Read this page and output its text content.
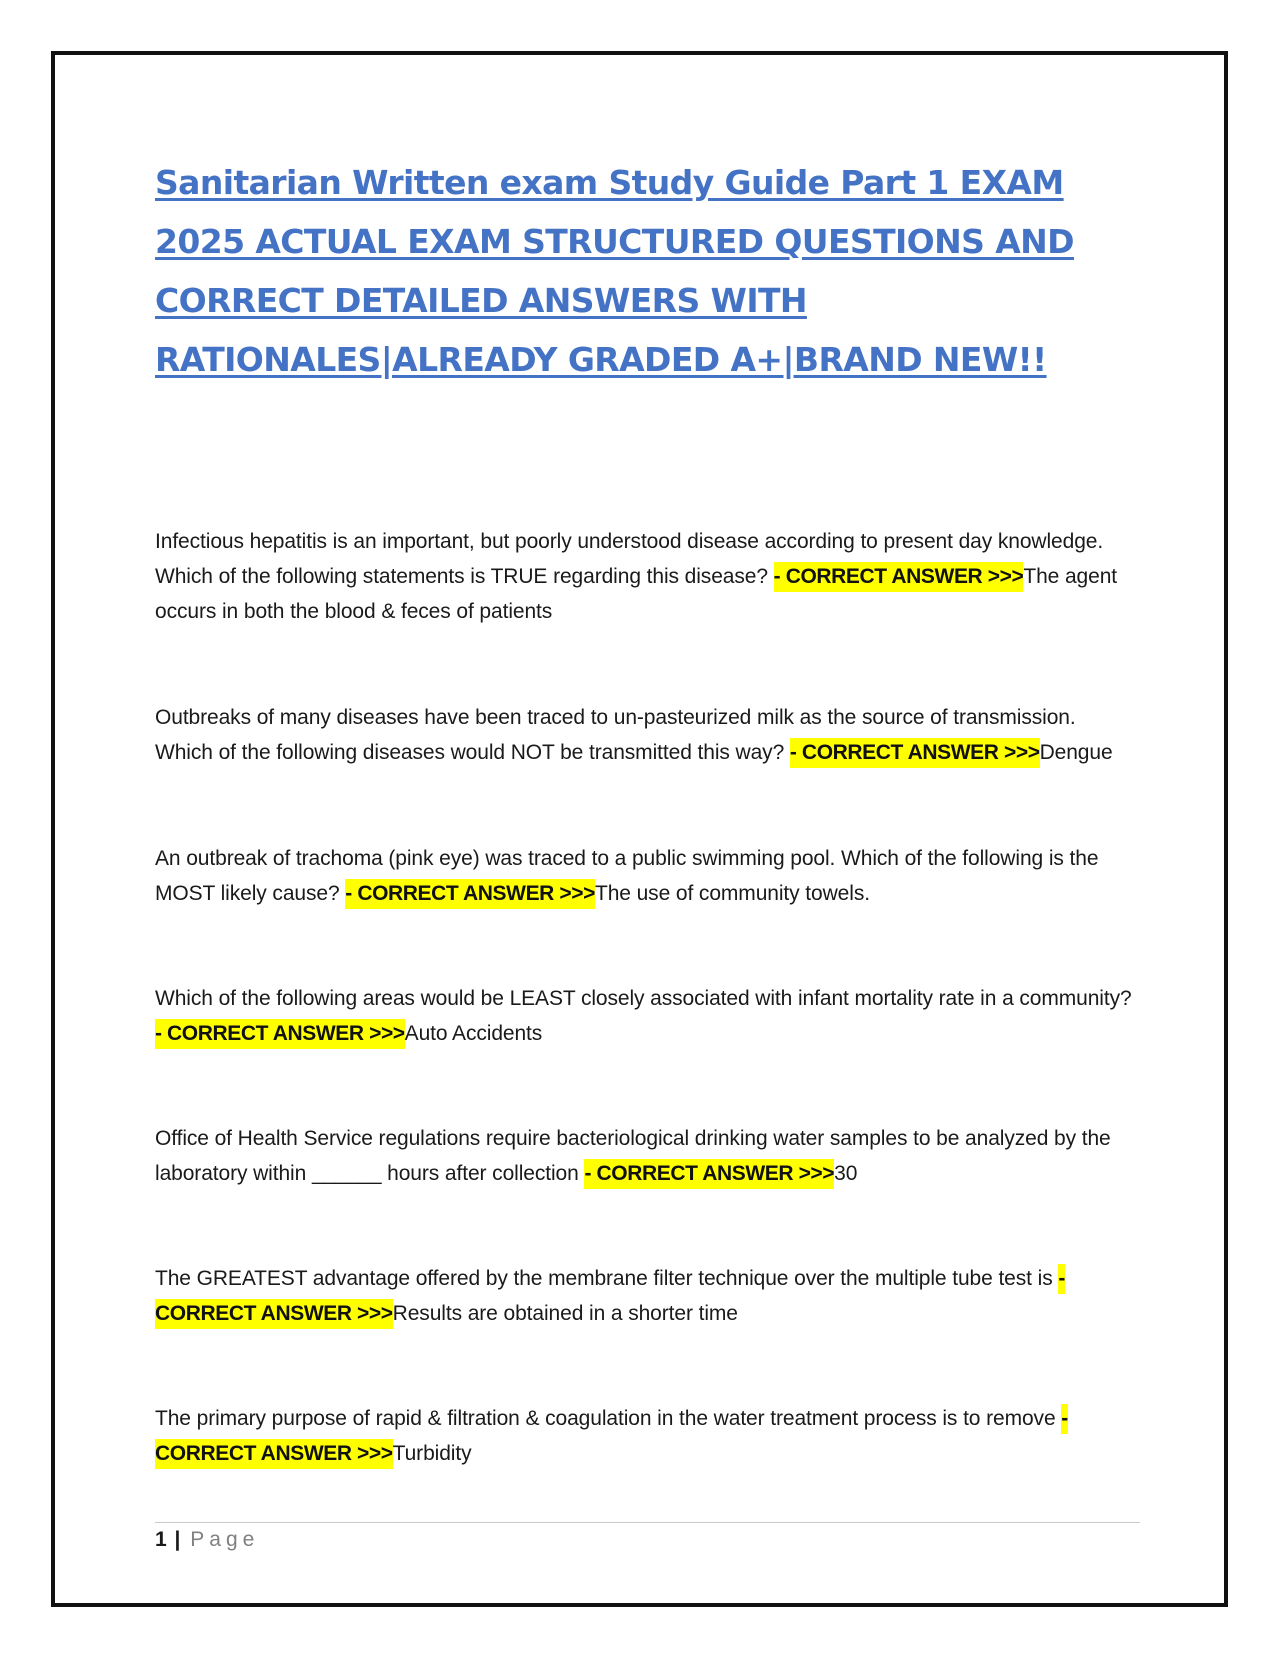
Sanitarian Written exam Study Guide Part 1 EXAM 2025 ACTUAL EXAM STRUCTURED QUESTIONS AND CORRECT DETAILED ANSWERS WITH RATIONALES|ALREADY GRADED A+|BRAND NEW!!

Infectious hepatitis is an important, but poorly understood disease according to present day knowledge. Which of the following statements is TRUE regarding this disease? - CORRECT ANSWER >>>The agent occurs in both the blood & feces of patients

Outbreaks of many diseases have been traced to un-pasteurized milk as the source of transmission. Which of the following diseases would NOT be transmitted this way? - CORRECT ANSWER >>>Dengue

An outbreak of trachoma (pink eye) was traced to a public swimming pool. Which of the following is the MOST likely cause? - CORRECT ANSWER >>>The use of community towels.

Which of the following areas would be LEAST closely associated with infant mortality rate in a community? - CORRECT ANSWER >>>Auto Accidents

Office of Health Service regulations require bacteriological drinking water samples to be analyzed by the laboratory within ______ hours after collection - CORRECT ANSWER >>>30

The GREATEST advantage offered by the membrane filter technique over the multiple tube test is - CORRECT ANSWER >>>Results are obtained in a shorter time

The primary purpose of rapid & filtration & coagulation in the water treatment process is to remove - CORRECT ANSWER >>>Turbidity

1 | Page
